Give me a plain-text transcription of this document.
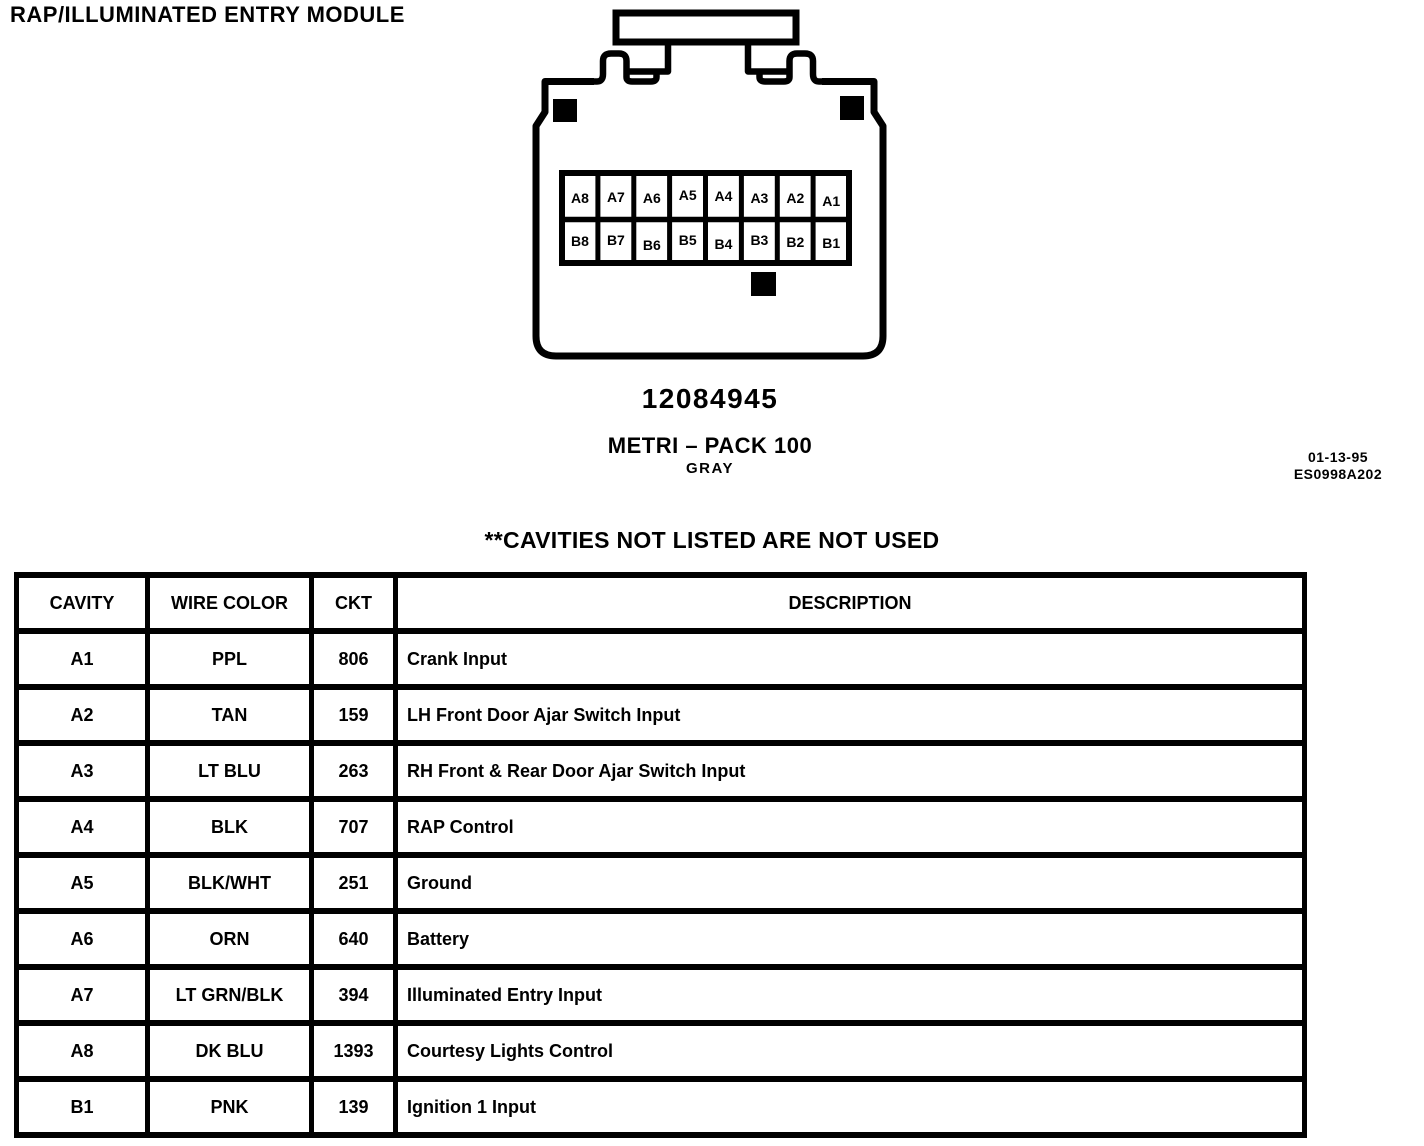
RAP/ILLUMINATED ENTRY MODULE
A8 A7 A6 A5 A4 A3 A2 A1
B8 B7 B6 B5 B4 B3 B2 B1
12084945
METRI – PACK 100
GRAY
01-13-95
ES0998A202
**CAVITIES NOT LISTED ARE NOT USED
CAVITY	WIRE COLOR	CKT	DESCRIPTION
A1	PPL	806	Crank Input
A2	TAN	159	LH Front Door Ajar Switch Input
A3	LT BLU	263	RH Front & Rear Door Ajar Switch Input
A4	BLK	707	RAP Control
A5	BLK/WHT	251	Ground
A6	ORN	640	Battery
A7	LT GRN/BLK	394	Illuminated Entry Input
A8	DK BLU	1393	Courtesy Lights Control
B1	PNK	139	Ignition 1 Input
